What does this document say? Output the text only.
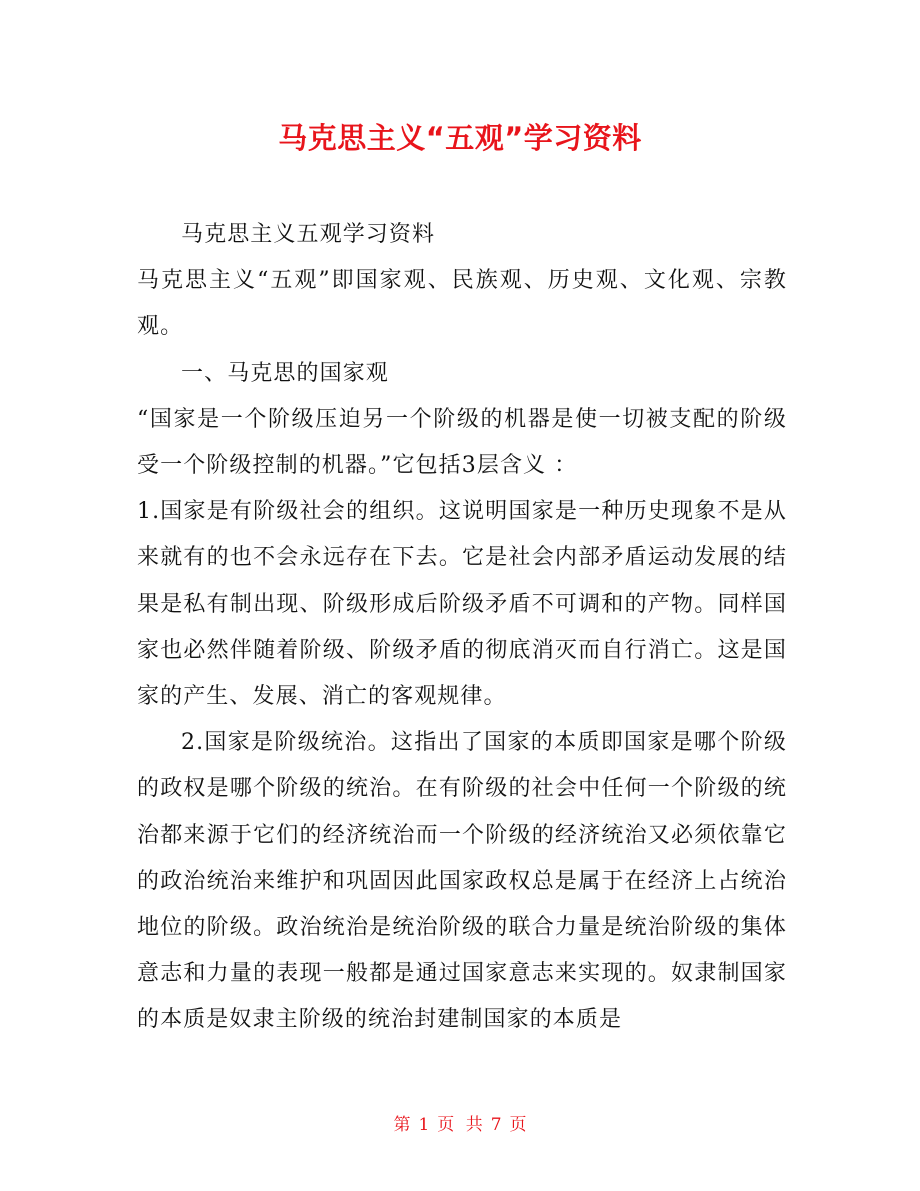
马克思主义“五观”学习资料

马克思主义五观学习资料

马克思主义“五观”即国家观、民族观、历史观、文化观、宗教观。

一、马克思的国家观

“国家是一个阶级压迫另一个阶级的机器是使一切被支配的阶级受一个阶级控制的机器。”它包括3层含义 ：

1.国家是有阶级社会的组织。这说明国家是一种历史现象不是从来就有的也不会永远存在下去。它是社会内部矛盾运动发展的结果是私有制出现、阶级形成后阶级矛盾不可调和的产物。同样国家也必然伴随着阶级、阶级矛盾的彻底消灭而自行消亡。这是国家的产生、发展、消亡的客观规律。

2.国家是阶级统治。这指出了国家的本质即国家是哪个阶级的政权是哪个阶级的统治。在有阶级的社会中任何一个阶级的统治都来源于它们的经济统治而一个阶级的经济统治又必须依靠它的政治统治来维护和巩固因此国家政权总是属于在经济上占统治地位的阶级。政治统治是统治阶级的联合力量是统治阶级的集体意志和力量的表现一般都是通过国家意志来实现的。奴隶制国家的本质是奴隶主阶级的统治封建制国家的本质是

第 1 页 共 7 页
